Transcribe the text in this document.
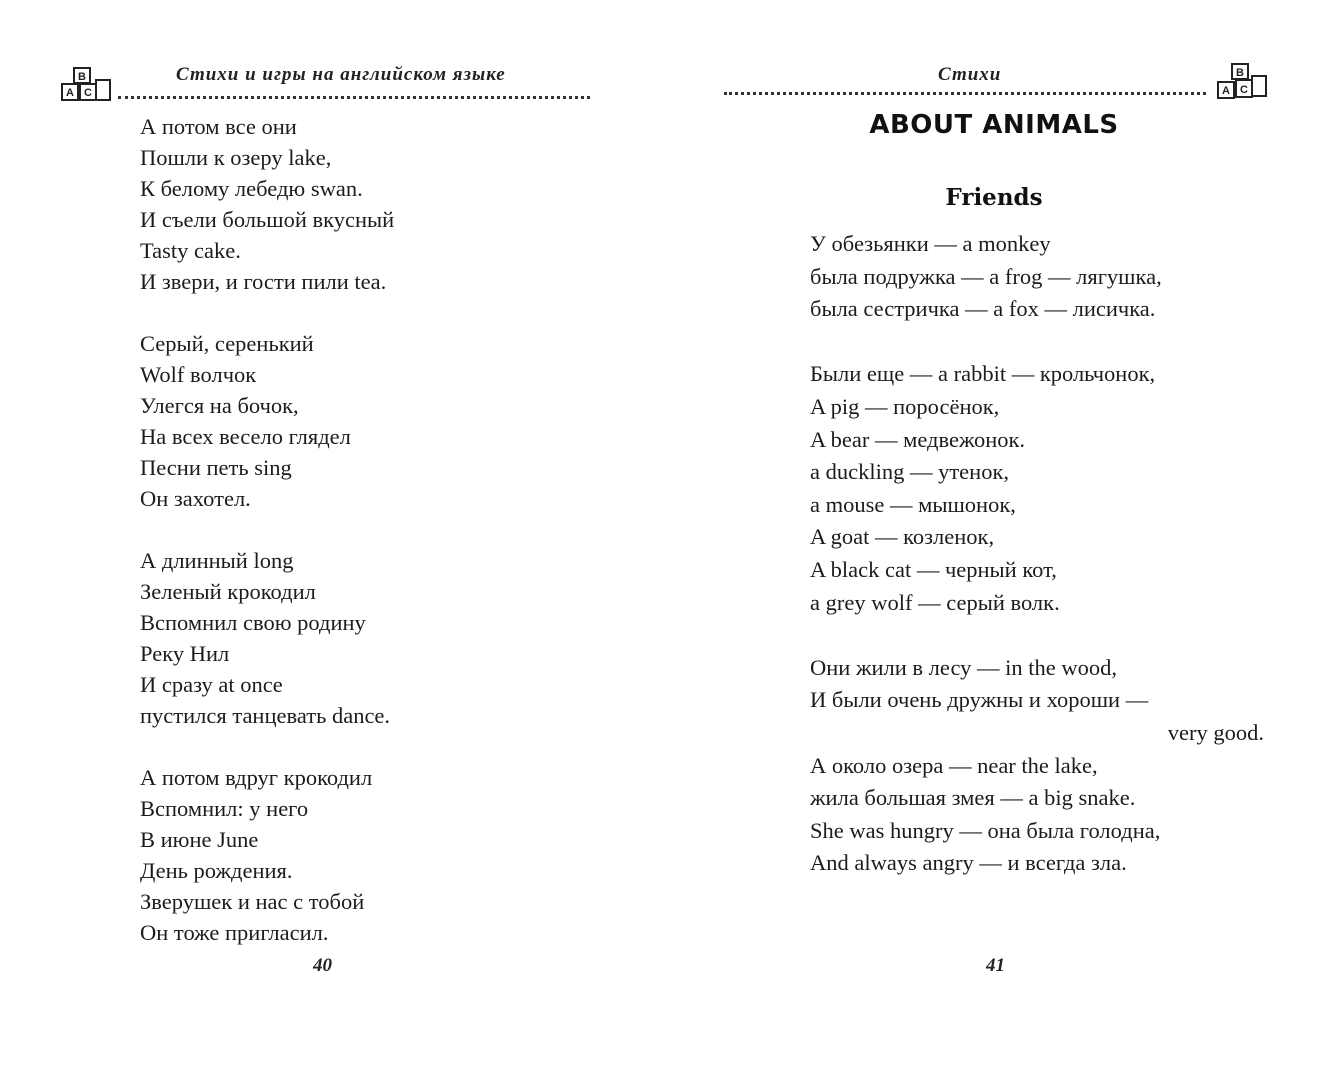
B
A C
Стихи и игры на английском языке
А потом все они
Пошли к озеру lake,
К белому лебедю swan.
И съели большой вкусный
Tasty cake.
И звери, и гости пили tea.
Серый, серенький
Wolf волчок
Улегся на бочок,
На всех весело глядел
Песни петь sing
Он захотел.
А длинный long
Зеленый крокодил
Вспомнил свою родину
Реку Нил
И сразу at once
пустился танцевать dance.
А потом вдруг крокодил
Вспомнил: у него
В июне June
День рождения.
Зверушек и нас с тобой
Он тоже пригласил.
40
Стихи	B
A C
ABOUT ANIMALS
Friends
У обезьянки — a monkey
была подружка — a frog — лягушка,
была сестричка — a fox — лисичка.
Были еще — a rabbit — крольчонок,
A pig — поросёнок,
A bear — медвежонок.
a duckling — утенок,
a mouse — мышонок,
A goat — козленок,
A black cat — черный кот,
a grey wolf — серый волк.
Они жили в лесу — in the wood,
И были очень дружны и хороши —
very good.
А около озера — near the lake,
жила большая змея — a big snake.
She was hungry — она была голодна,
And always angry — и всегда зла.
41
